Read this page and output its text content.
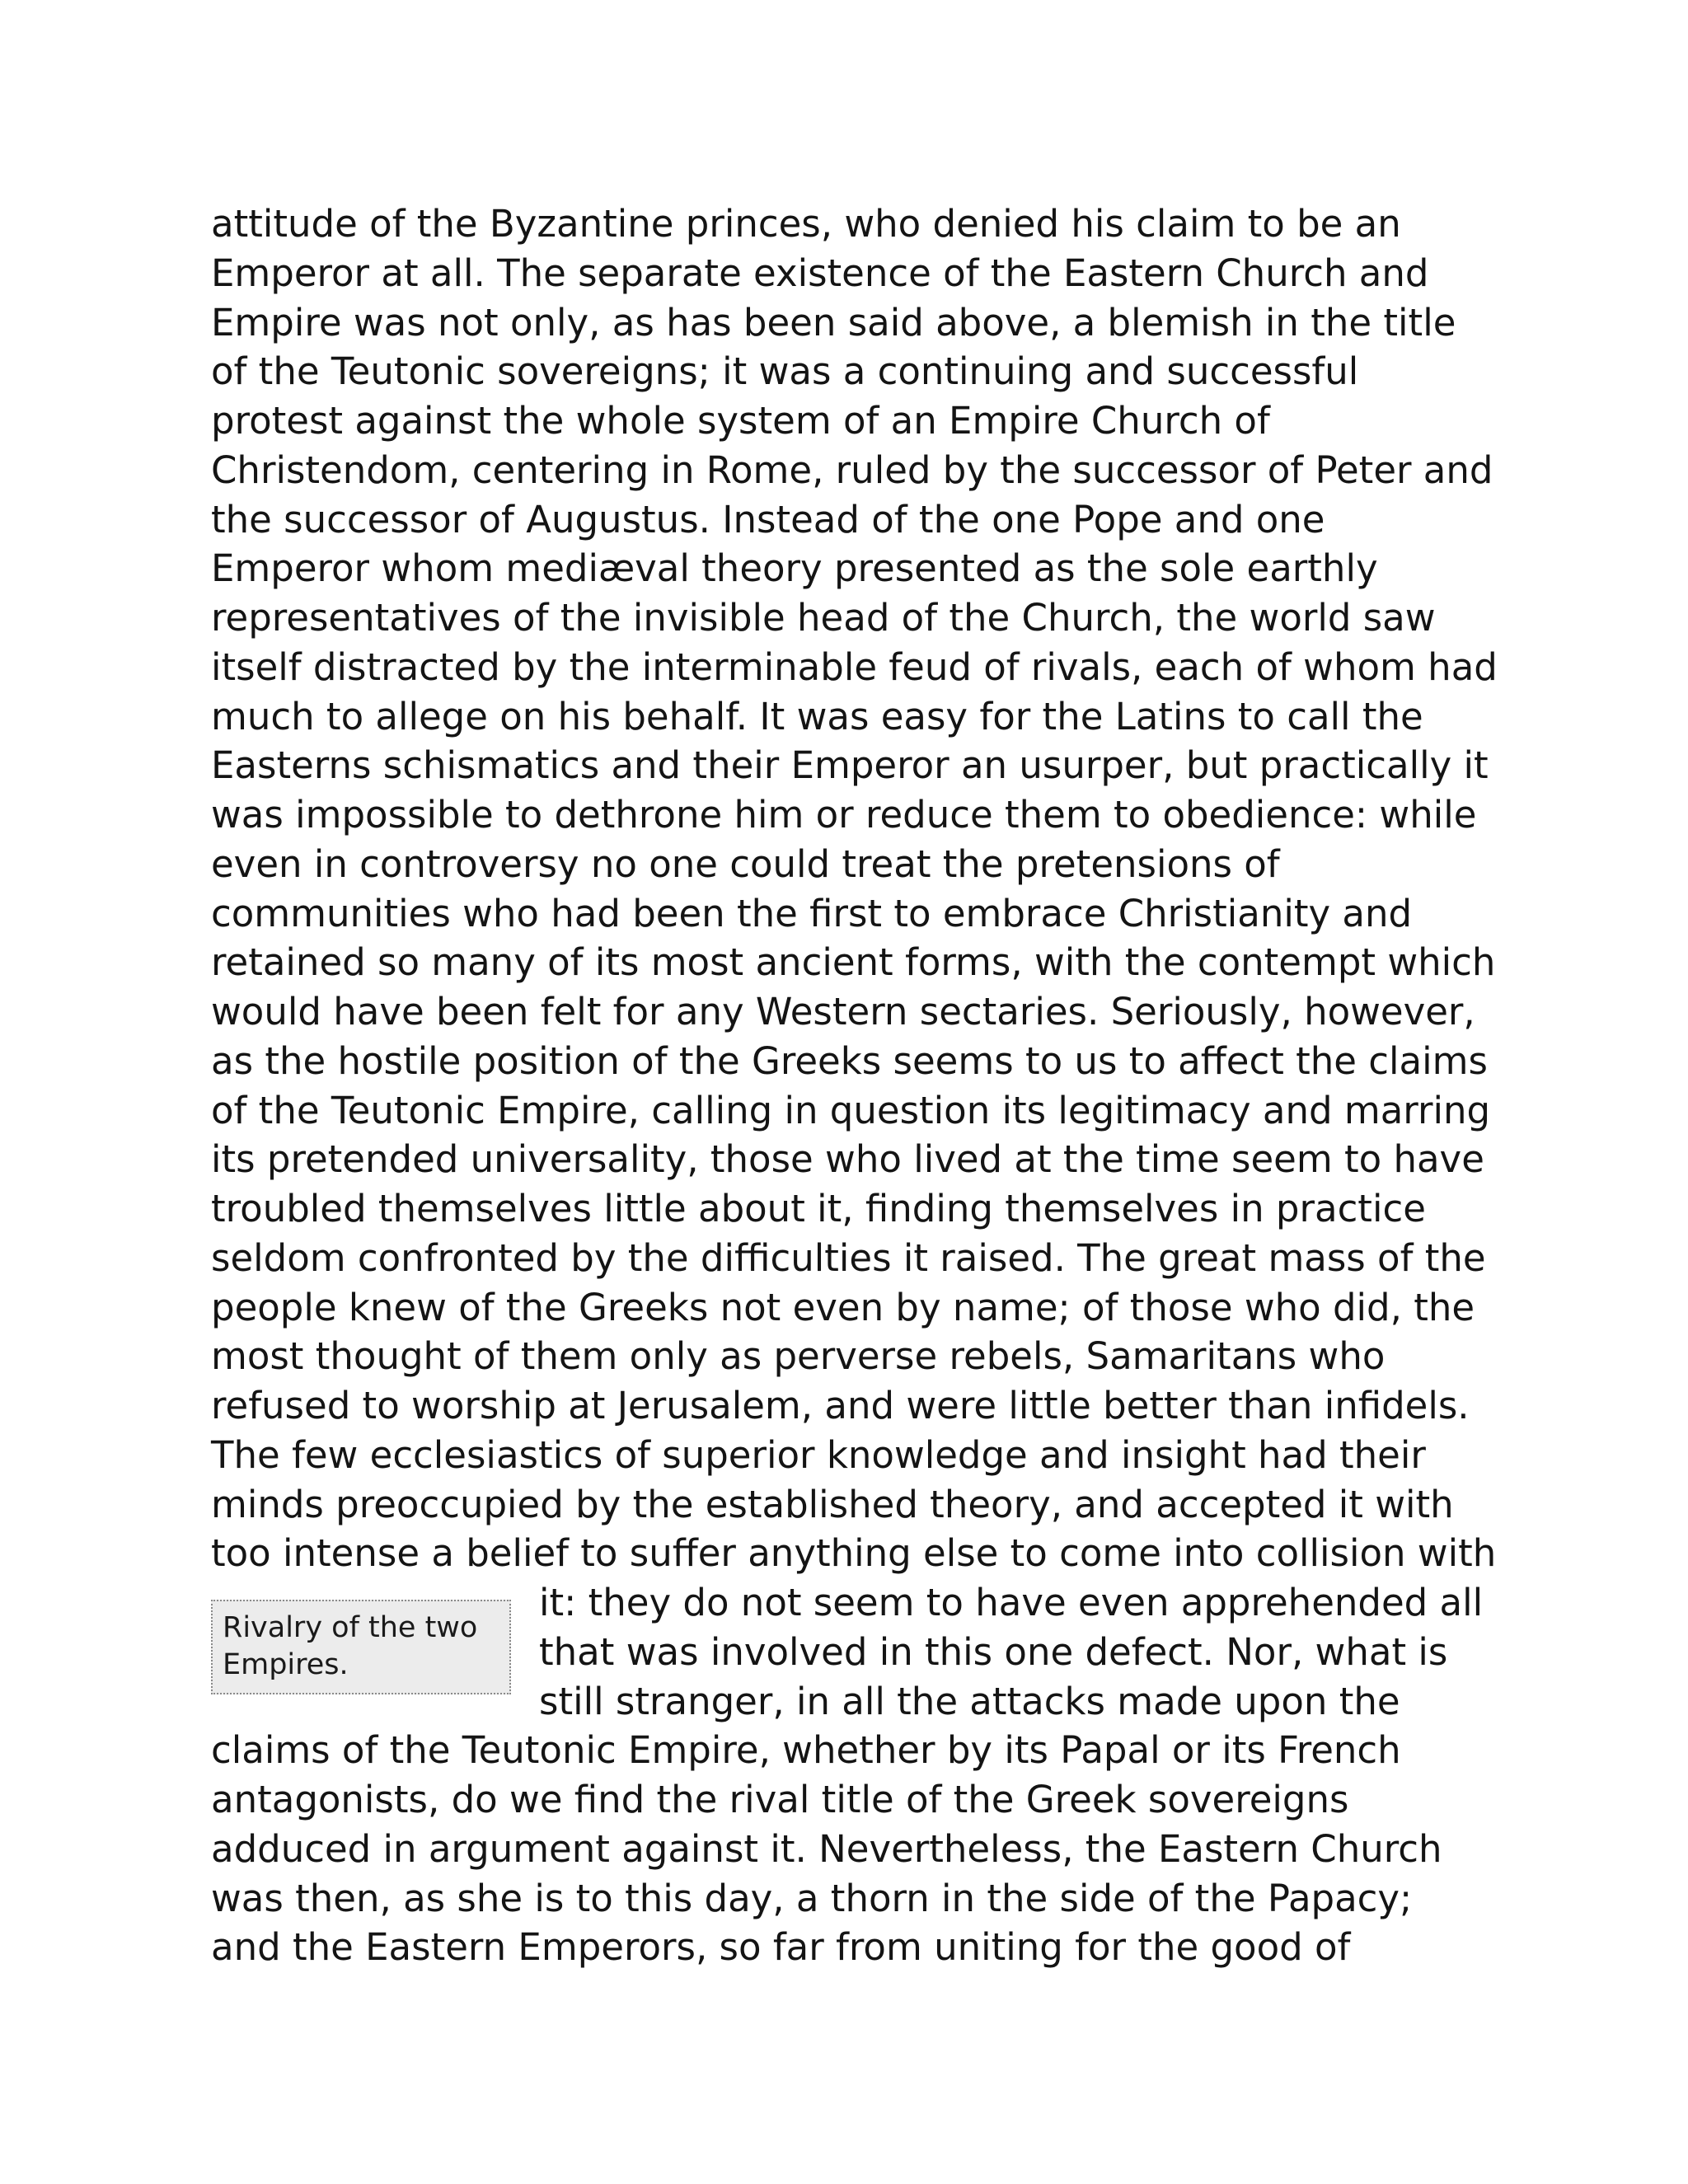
attitude of the Byzantine princes, who denied his claim to be an

Emperor at all. The separate existence of the Eastern Church and

Empire was not only, as has been said above, a blemish in the title

of the Teutonic sovereigns; it was a continuing and successful

protest against the whole system of an Empire Church of

Christendom, centering in Rome, ruled by the successor of Peter and

the successor of Augustus. Instead of the one Pope and one

Emperor whom mediæval theory presented as the sole earthly

representatives of the invisible head of the Church, the world saw

itself distracted by the interminable feud of rivals, each of whom had

much to allege on his behalf. It was easy for the Latins to call the

Easterns schismatics and their Emperor an usurper, but practically it

was impossible to dethrone him or reduce them to obedience: while

even in controversy no one could treat the pretensions of

communities who had been the first to embrace Christianity and

retained so many of its most ancient forms, with the contempt which

would have been felt for any Western sectaries. Seriously, however,

as the hostile position of the Greeks seems to us to affect the claims

of the Teutonic Empire, calling in question its legitimacy and marring

its pretended universality, those who lived at the time seem to have

troubled themselves little about it, finding themselves in practice

seldom confronted by the difficulties it raised. The great mass of the

people knew of the Greeks not even by name; of those who did, the

most thought of them only as perverse rebels, Samaritans who

refused to worship at Jerusalem, and were little better than infidels.

The few ecclesiastics of superior knowledge and insight had their

minds preoccupied by the established theory, and accepted it with

too intense a belief to suffer anything else to come into collision with

it: they do not seem to have even apprehended all

that was involved in this one defect. Nor, what is

still stranger, in all the attacks made upon the

claims of the Teutonic Empire, whether by its Papal or its French

antagonists, do we find the rival title of the Greek sovereigns

adduced in argument against it. Nevertheless, the Eastern Church

was then, as she is to this day, a thorn in the side of the Papacy;

and the Eastern Emperors, so far from uniting for the good of

Rivalry of the two Empires.
